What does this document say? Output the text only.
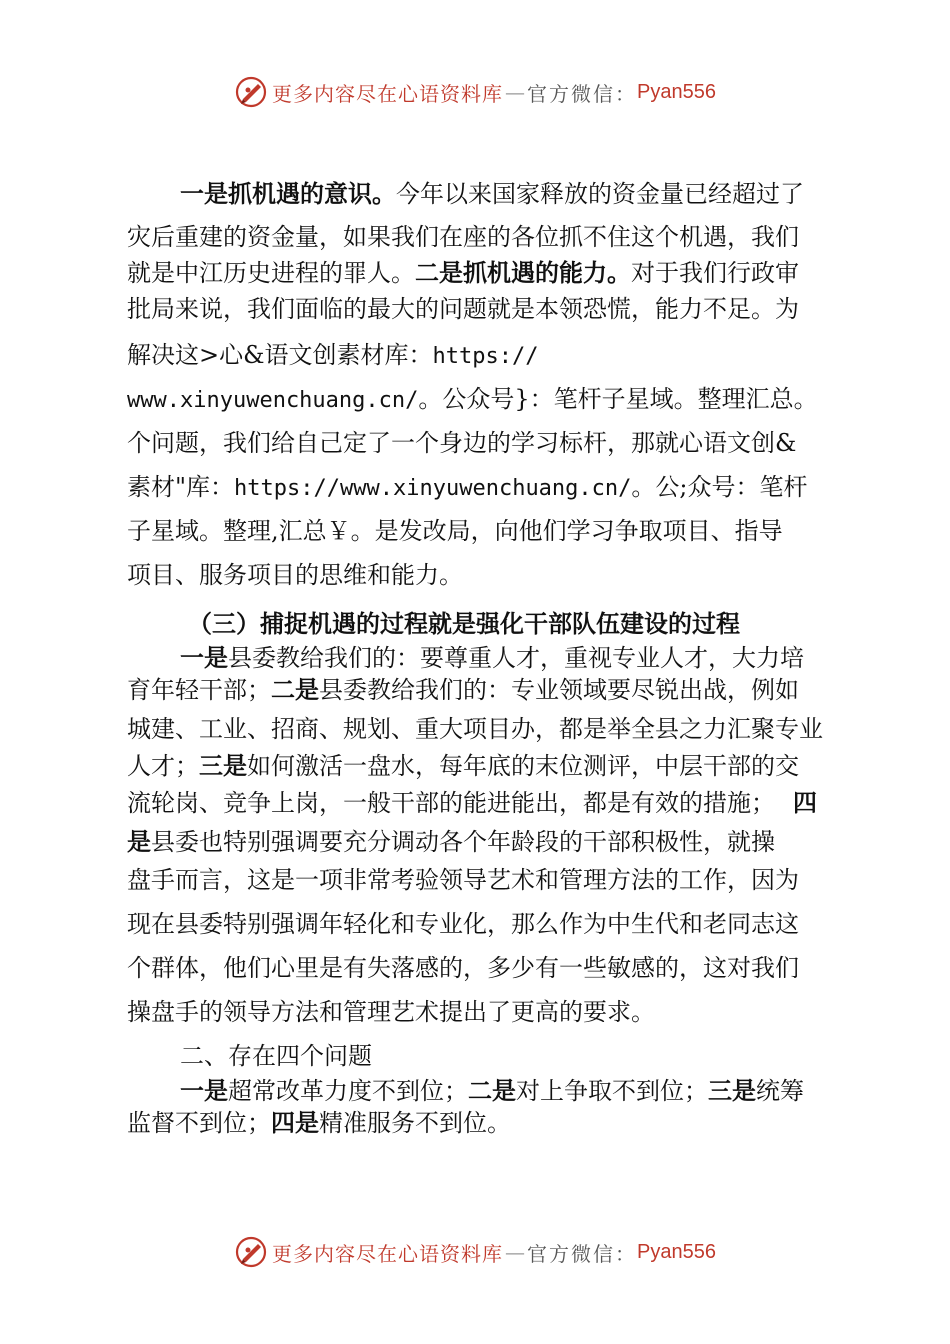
更多内容尽在心语资料库 — 官方微信： Pyan556
一是抓机遇的意识。今年以来国家释放的资金量已经超过了
灾后重建的资金量，如果我们在座的各位抓不住这个机遇，我们
就是中江历史进程的罪人。二是抓机遇的能力。对于我们行政审
批局来说，我们面临的最大的问题就是本领恐慌，能力不足。为
解决这>心&语文创素材库：https://
www.xinyuwenchuang.cn/。公众号}：笔杆子星域。整理汇总。
个问题，我们给自己定了一个身边的学习标杆，那就心语文创&
素材"库：https://www.xinyuwenchuang.cn/。公;众号：笔杆
子星域。整理,汇总￥。是发改局，向他们学习争取项目、指导
项目、服务项目的思维和能力。
（三）捕捉机遇的过程就是强化干部队伍建设的过程
一是县委教给我们的：要尊重人才，重视专业人才，大力培
育年轻干部；二是县委教给我们的：专业领域要尽锐出战，例如
城建、工业、招商、规划、重大项目办，都是举全县之力汇聚专业
人才；三是如何激活一盘水，每年底的末位测评，中层干部的交
流轮岗、竞争上岗，一般干部的能进能出，都是有效的措施； 四
是县委也特别强调要充分调动各个年龄段的干部积极性，就操
盘手而言，这是一项非常考验领导艺术和管理方法的工作，因为
现在县委特别强调年轻化和专业化，那么作为中生代和老同志这
个群体，他们心里是有失落感的，多少有一些敏感的，这对我们
操盘手的领导方法和管理艺术提出了更高的要求。
二、存在四个问题
一是超常改革力度不到位；二是对上争取不到位；三是统筹
监督不到位；四是精准服务不到位。
更多内容尽在心语资料库 — 官方微信： Pyan556
